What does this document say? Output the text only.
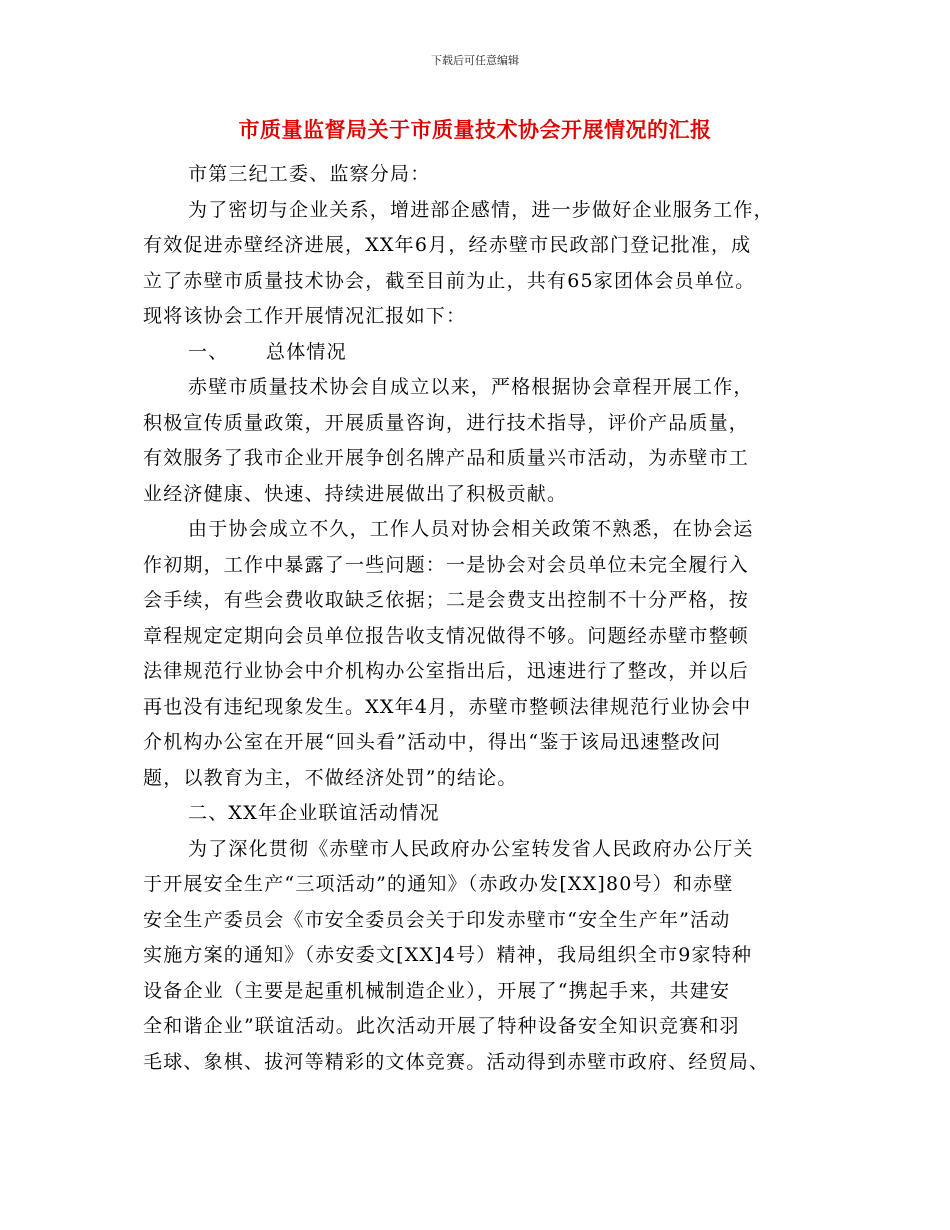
下载后可任意编辑
市质量监督局关于市质量技术协会开展情况的汇报
市第三纪工委、监察分局：
为了密切与企业关系，增进部企感情，进一步做好企业服务工作，
有效促进赤壁经济进展，XX年6月，经赤壁市民政部门登记批准，成
立了赤壁市质量技术协会，截至目前为止，共有65家团体会员单位。
现将该协会工作开展情况汇报如下：
一、 总体情况
赤壁市质量技术协会自成立以来，严格根据协会章程开展工作，
积极宣传质量政策，开展质量咨询，进行技术指导，评价产品质量，
有效服务了我市企业开展争创名牌产品和质量兴市活动，为赤壁市工
业经济健康、快速、持续进展做出了积极贡献。
由于协会成立不久，工作人员对协会相关政策不熟悉，在协会运
作初期，工作中暴露了一些问题：一是协会对会员单位未完全履行入
会手续，有些会费收取缺乏依据；二是会费支出控制不十分严格，按
章程规定定期向会员单位报告收支情况做得不够。问题经赤壁市整顿
法律规范行业协会中介机构办公室指出后，迅速进行了整改，并以后
再也没有违纪现象发生。XX年4月，赤壁市整顿法律规范行业协会中
介机构办公室在开展“回头看”活动中，得出“鉴于该局迅速整改问
题，以教育为主，不做经济处罚”的结论。
二、XX年企业联谊活动情况
为了深化贯彻《赤壁市人民政府办公室转发省人民政府办公厅关
于开展安全生产“三项活动”的通知》（赤政办发[XX]80号）和赤壁
安全生产委员会《市安全委员会关于印发赤壁市“安全生产年”活动
实施方案的通知》（赤安委文[XX]4号）精神，我局组织全市9家特种
设备企业（主要是起重机械制造企业），开展了“携起手来，共建安
全和谐企业”联谊活动。此次活动开展了特种设备安全知识竞赛和羽
毛球、象棋、拔河等精彩的文体竞赛。活动得到赤壁市政府、经贸局、
